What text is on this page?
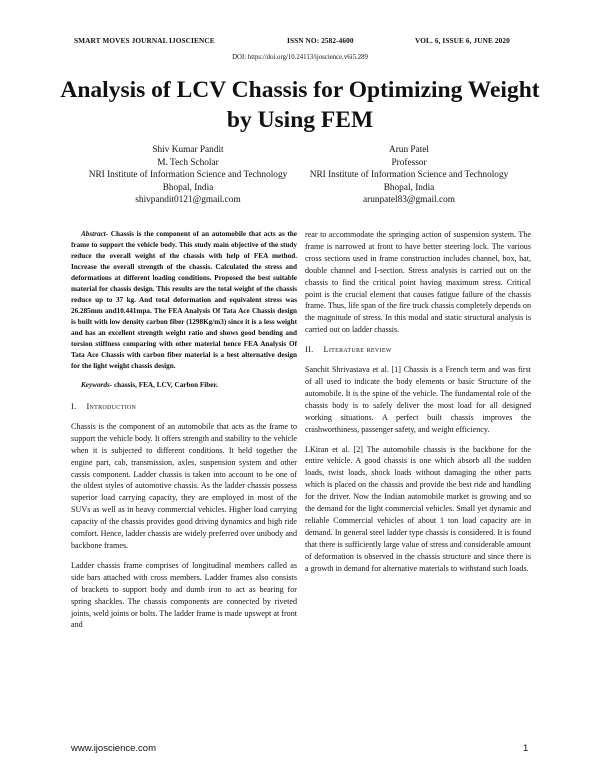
SMART MOVES JOURNAL IJOSCIENCE	ISSN NO: 2582-4600	VOL. 6, ISSUE 6, JUNE 2020
DOI: https://doi.org/10.24113/ijoscience.v6i5.289
Analysis of LCV Chassis for Optimizing Weight by Using FEM
Shiv Kumar Pandit
M. Tech Scholar
NRI Institute of Information Science and Technology
Bhopal, India
shivpandit0121@gmail.com
Arun Patel
Professor
NRI Institute of Information Science and Technology
Bhopal, India
arunpatel83@gmail.com

Abstract- Chassis is the component of an automobile that acts as the frame to support the vehicle body. This study main objective of the study reduce the overall weight of the chassis with help of FEA method. Increase the overall strength of the chassis. Calculated the stress and deformations at different loading conditions. Proposed the best suitable material for chassis design. This results are the total weight of the chassis reduce up to 37 kg. And total deformation and equivalent stress was 26.285mm and10.441mpa. The FEA Analysis Of Tata Ace Chassis design is built with low density carbon fiber (1298Kg/m3) since it is a less weight and has an excellent strength weight ratio and shows good bending and torsion stiffness comparing with other material hence FEA Analysis Of Tata Ace Chassis with carbon fiber material is a best alternative design for the light weight chassis design.

Keywords- chassis, FEA, LCV, Carbon Fiber.

I. Introduction

Chassis is the component of an automobile that acts as the frame to support the vehicle body. It offers strength and stability to the vehicle when it is subjected to different conditions. It held together the engine part, cab, transmission, axles, suspension system and other cassis component. Ladder chassis is taken into account to be one of the oldest styles of automotive chassis. As the ladder chassis possess superior load carrying capacity, they are employed in most of the SUVs as well as in heavy commercial vehicles. Higher load carrying capacity of the chassis provides good driving dynamics and high ride comfort. Hence, ladder chassis are widely preferred over unibody and backbone frames.

Ladder chassis frame comprises of longitudinal members called as side bars attached with cross members. Ladder frames also consists of brackets to support body and dumb iron to act as bearing for spring shackles. The chassis components are connected by riveted joints, weld joints or bolts. The ladder frame is made upswept at front and

rear to accommodate the springing action of suspension system. The frame is narrowed at front to have better steering lock. The various cross sections used in frame construction includes channel, box, hat, double channel and I-section. Stress analysis is carried out on the chassis to find the critical point having maximum stress. Critical point is the crucial element that causes fatigue failure of the chassis frame. Thus, life span of the fire truck chassis completely depends on the magnitude of stress. In this modal and static structural analysis is carried out on ladder chassis.

II. Literature review

Sanchit Shrivastava et al. [1] Chassis is a French term and was first of all used to indicate the body elements or basic Structure of the automobile. It is the spine of the vehicle. The fundamental role of the chassis body is to safely deliver the most load for all designed working situations. A perfect built chassis improves the crashworthiness, passenger safety, and weight efficiency.

LKiran et al. [2] The automobile chassis is the backbone for the entire vehicle. A good chassis is one which absorb all the sudden loads, twist loads, shock loads without damaging the other parts which is placed on the chassis and provide the best ride and handling for the driver. Now the Indian automobile market is growing and so the demand for the light commercial vehicles. Small yet dynamic and reliable Commercial vehicles of about 1 ton load capacity are in demand. In general steel ladder type chassis is considered. It is found that there is sufficiently large value of stress and considerable amount of deformation is observed in the chassis structure and since there is a growth in demand for alternative materials to withstand such loads.

www.ijoscience.com	1
